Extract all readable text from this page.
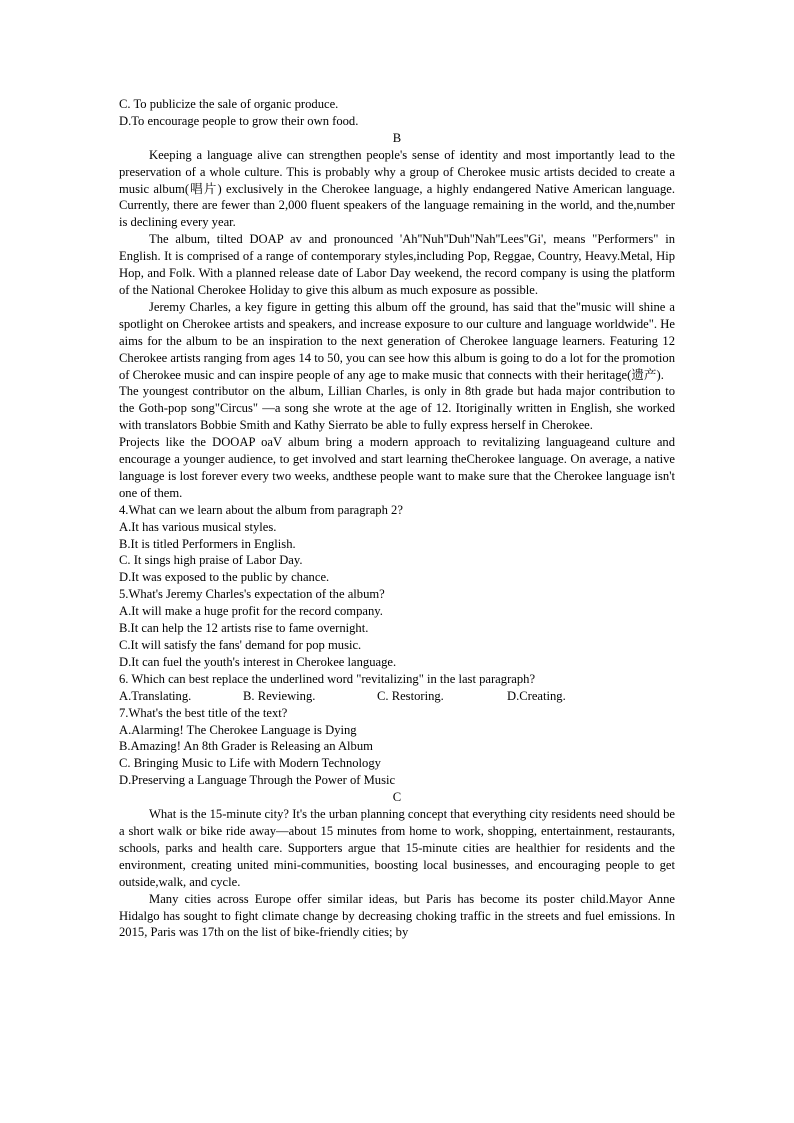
C. To publicize the sale of organic produce.

D.To encourage people to grow their own food.

B

Keeping a language alive can strengthen people's sense of identity and most importantly lead to the preservation of a whole culture. This is probably why a group of Cherokee music artists decided to create a music album(唱片) exclusively in the Cherokee language, a highly endangered Native American language. Currently, there are fewer than 2,000 fluent speakers of the language remaining in the world, and the,number is declining every year.

The album, tilted DOAP av and pronounced 'Ah''Nuh''Duh''Nah''Lees''Gi', means "Performers" in English. It is comprised of a range of contemporary styles,including Pop, Reggae, Country, Heavy.Metal, Hip Hop, and Folk. With a planned release date of Labor Day weekend, the record company is using the platform of the National Cherokee Holiday to give this album as much exposure as possible.

Jeremy Charles, a key figure in getting this album off the ground, has said that the"music will shine a spotlight on Cherokee artists and speakers, and increase exposure to our culture and language worldwide". He aims for the album to be an inspiration to the next generation of Cherokee language learners. Featuring 12 Cherokee artists ranging from ages 14 to 50, you can see how this album is going to do a lot for the promotion of Cherokee music and can inspire people of any age to make music that connects with their heritage(遗产).

The youngest contributor on the album, Lillian Charles, is only in 8th grade but hada major contribution to the Goth-pop song"Circus" —a song she wrote at the age of 12. Itoriginally written in English, she worked with translators Bobbie Smith and Kathy Sierrato be able to fully express herself in Cherokee.

Projects like the DOOAP oaV album bring a modern approach to revitalizing languageand culture and encourage a younger audience, to get involved and start learning theCherokee language. On average, a native language is lost forever every two weeks, andthese people want to make sure that the Cherokee language isn't one of them.

4.What can we learn about the album from paragraph 2?

A.It has various musical styles.

B.It is titled Performers in English.

C. It sings high praise of Labor Day.

D.It was exposed to the public by chance.

5.What's Jeremy Charles's expectation of the album?

A.It will make a huge profit for the record company.

B.It can help the 12 artists rise to fame overnight.

C.It will satisfy the fans' demand for pop music.

D.It can fuel the youth's interest in Cherokee language.

6. Which can best replace the underlined word "revitalizing" in the last paragraph?

A.Translating.	B. Reviewing.	C. Restoring.	D.Creating.

7.What's the best title of the text?

A.Alarming! The Cherokee Language is Dying

B.Amazing! An 8th Grader is Releasing an Album

C. Bringing Music to Life with Modern Technology

D.Preserving a Language Through the Power of Music

C

What is the 15-minute city? It's the urban planning concept that everything city residents need should be a short walk or bike ride away—about 15 minutes from home to work, shopping, entertainment, restaurants, schools, parks and health care. Supporters argue that 15-minute cities are healthier for residents and the environment, creating united mini-communities, boosting local businesses, and encouraging people to get outside,walk, and cycle.

Many cities across Europe offer similar ideas, but Paris has become its poster child.Mayor Anne Hidalgo has sought to fight climate change by decreasing choking traffic in the streets and fuel emissions. In 2015, Paris was 17th on the list of bike-friendly cities; by
